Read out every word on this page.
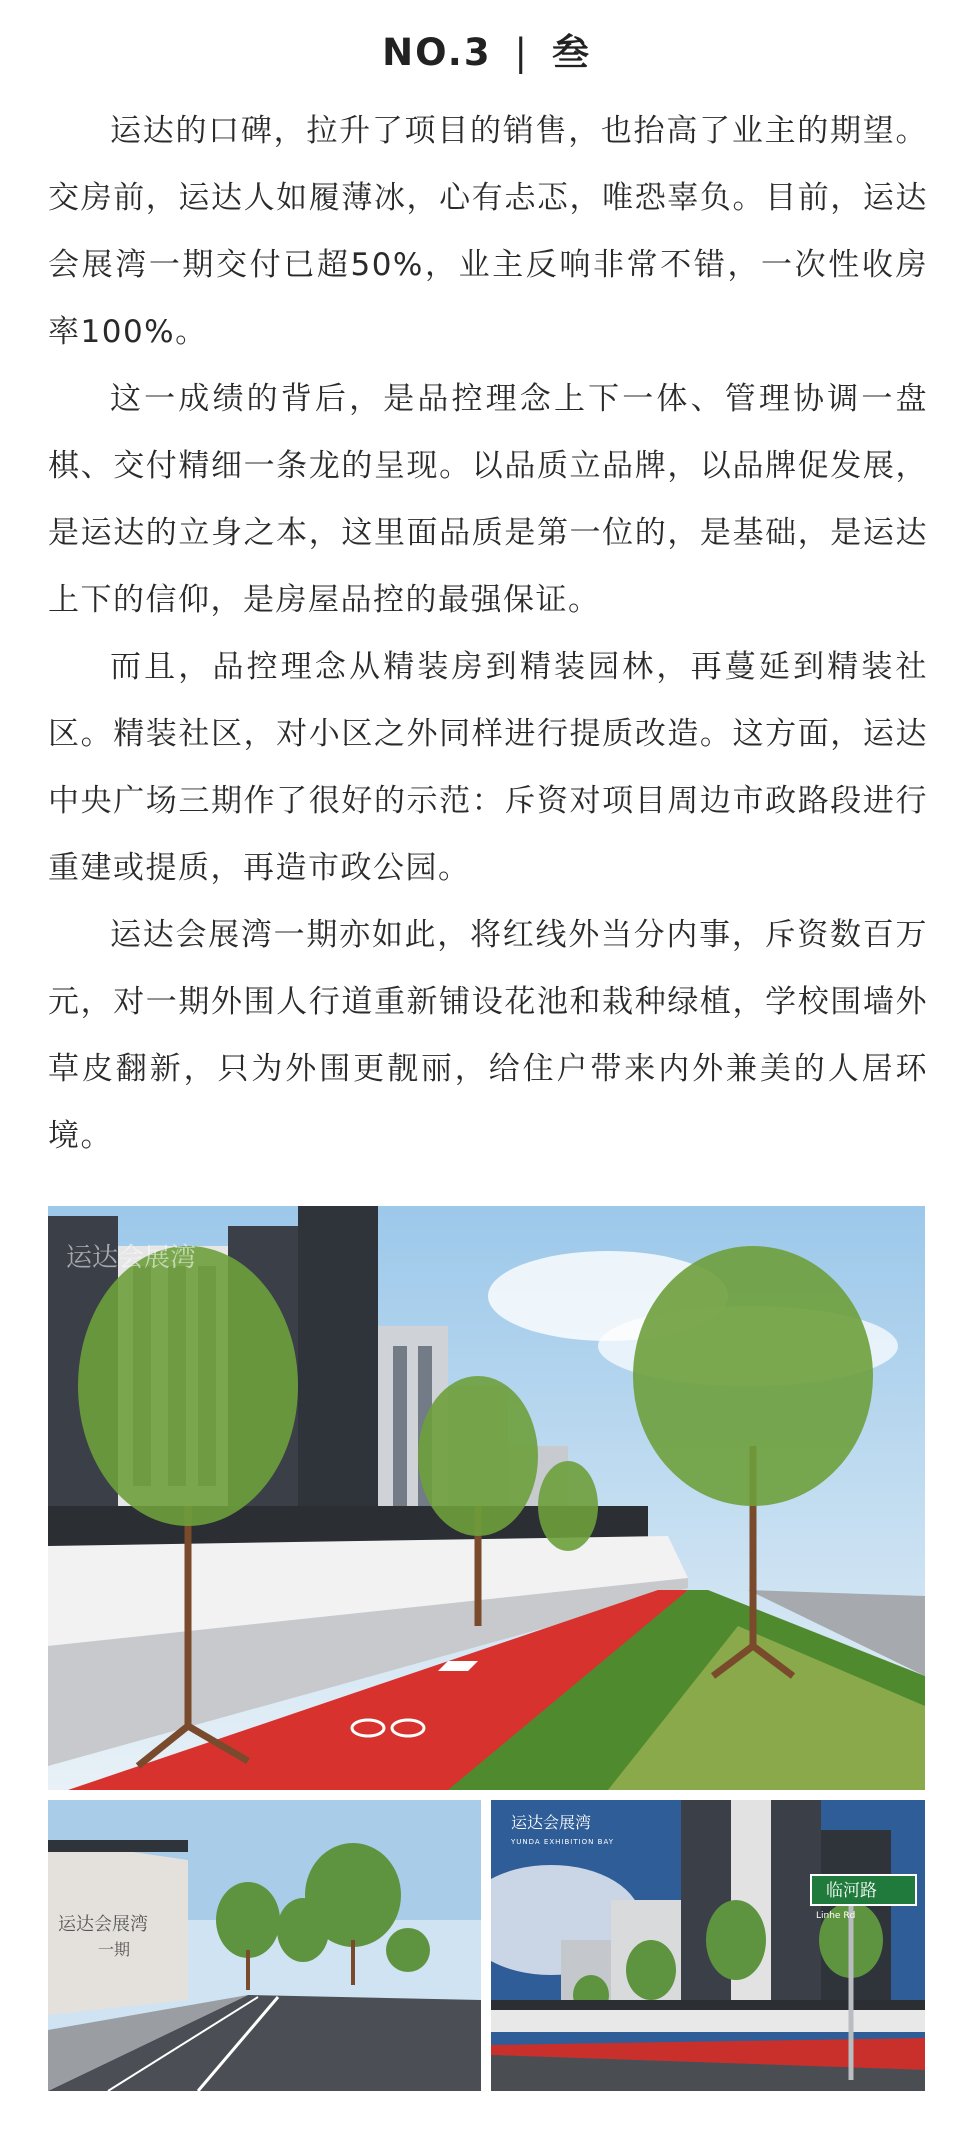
NO.3 | 叁

运达的口碑，拉升了项目的销售，也抬高了业主的期望。交房前，运达人如履薄冰，心有忐忑，唯恐辜负。目前，运达会展湾一期交付已超50%，业主反响非常不错，一次性收房率100%。

这一成绩的背后，是品控理念上下一体、管理协调一盘棋、交付精细一条龙的呈现。以品质立品牌，以品牌促发展，是运达的立身之本，这里面品质是第一位的，是基础，是运达上下的信仰，是房屋品控的最强保证。

而且，品控理念从精装房到精装园林，再蔓延到精装社区。精装社区，对小区之外同样进行提质改造。这方面，运达中央广场三期作了很好的示范：斥资对项目周边市政路段进行重建或提质，再造市政公园。

运达会展湾一期亦如此，将红线外当分内事，斥资数百万元，对一期外围人行道重新铺设花池和栽种绿植，学校围墙外草皮翻新，只为外围更靓丽，给住户带来内外兼美的人居环境。

运达会展湾
运达会展湾
一期
临河路
Linhe Rd
运达会展湾
YUNDA EXHIBITION BAY
